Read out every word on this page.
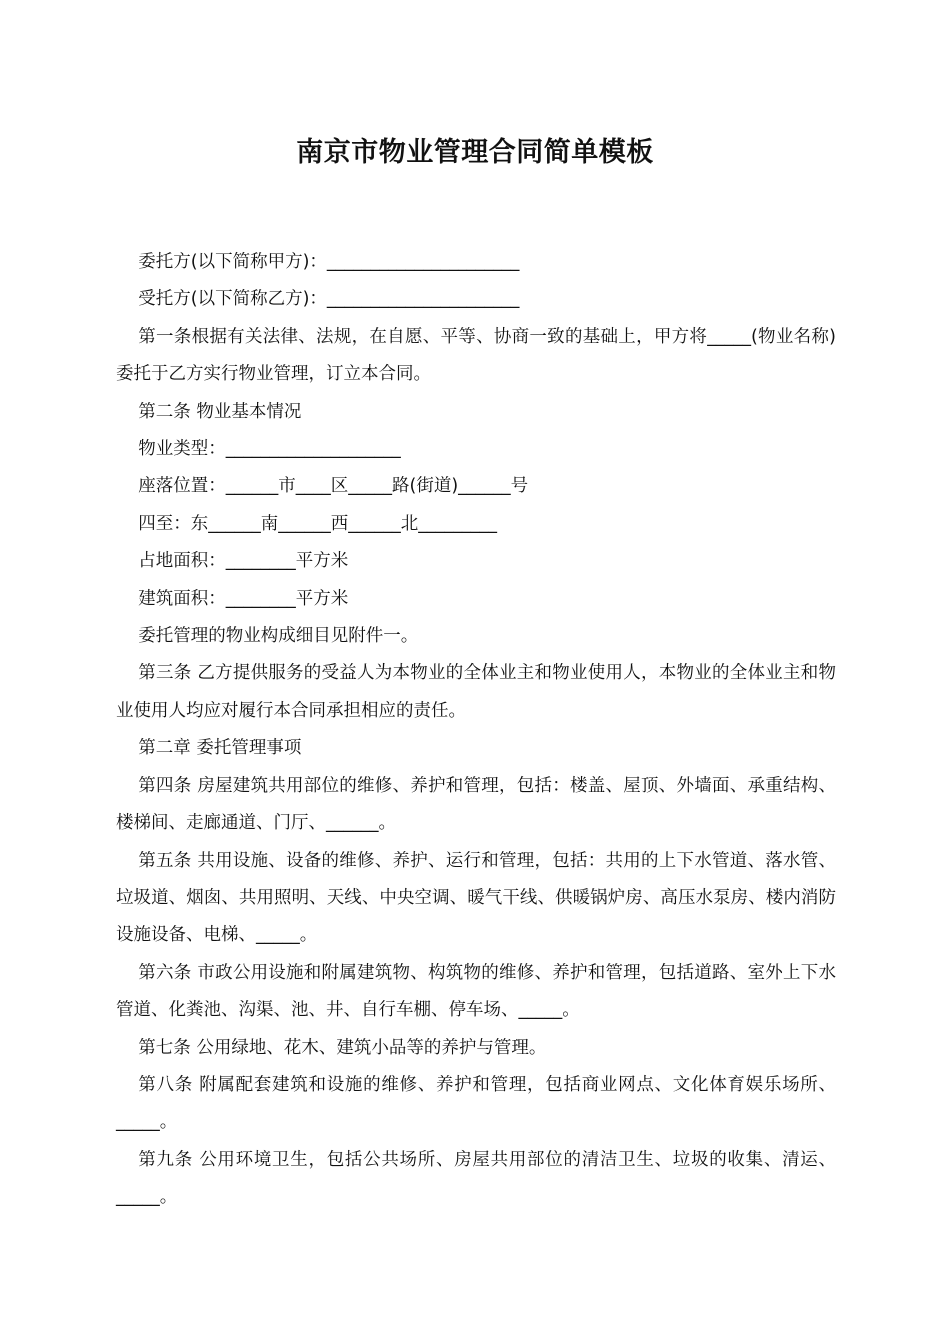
南京市物业管理合同简单模板

委托方(以下简称甲方)：______________________

受托方(以下简称乙方)：______________________

第一条根据有关法律、法规，在自愿、平等、协商一致的基础上，甲方将_____(物业名称)委托于乙方实行物业管理，订立本合同。

第二条 物业基本情况

物业类型：____________________

座落位置：______市____区_____路(街道)______号

四至：东______南______西______北_________

占地面积：________平方米

建筑面积：________平方米

委托管理的物业构成细目见附件一。

第三条 乙方提供服务的受益人为本物业的全体业主和物业使用人，本物业的全体业主和物业使用人均应对履行本合同承担相应的责任。

第二章 委托管理事项

第四条 房屋建筑共用部位的维修、养护和管理，包括：楼盖、屋顶、外墙面、承重结构、楼梯间、走廊通道、门厅、______。

第五条 共用设施、设备的维修、养护、运行和管理，包括：共用的上下水管道、落水管、垃圾道、烟囱、共用照明、天线、中央空调、暖气干线、供暖锅炉房、高压水泵房、楼内消防设施设备、电梯、_____。

第六条 市政公用设施和附属建筑物、构筑物的维修、养护和管理，包括道路、室外上下水管道、化粪池、沟渠、池、井、自行车棚、停车场、_____。

第七条 公用绿地、花木、建筑小品等的养护与管理。

第八条 附属配套建筑和设施的维修、养护和管理，包括商业网点、文化体育娱乐场所、_____。

第九条 公用环境卫生，包括公共场所、房屋共用部位的清洁卫生、垃圾的收集、清运、_____。
